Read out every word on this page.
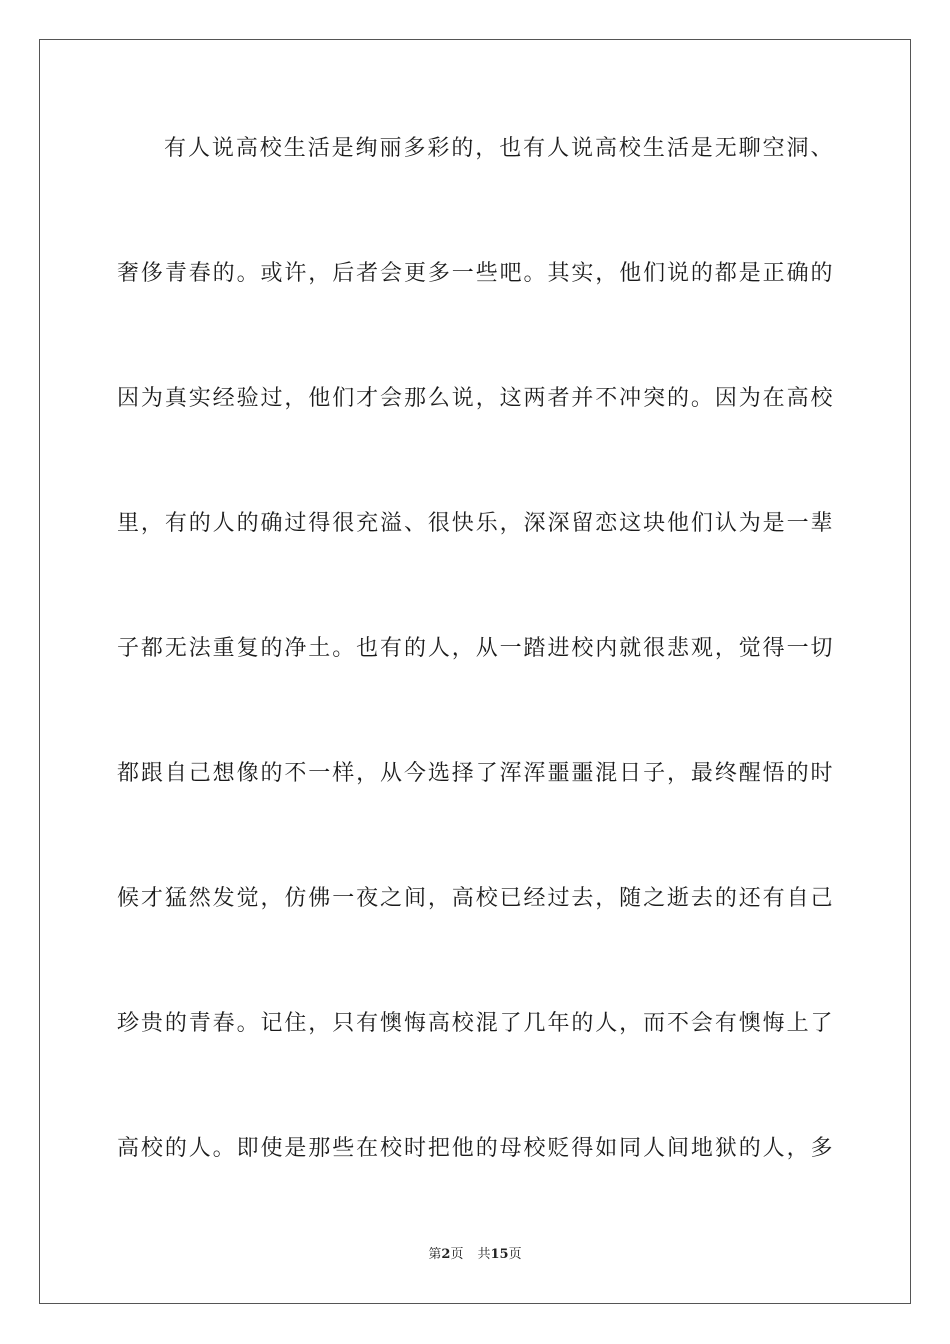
有人说高校生活是绚丽多彩的，也有人说高校生活是无聊空洞、
奢侈青春的。或许，后者会更多一些吧。其实，他们说的都是正确的
因为真实经验过，他们才会那么说，这两者并不冲突的。因为在高校
里，有的人的确过得很充溢、很快乐，深深留恋这块他们认为是一辈
子都无法重复的净土。也有的人，从一踏进校内就很悲观，觉得一切
都跟自己想像的不一样，从今选择了浑浑噩噩混日子，最终醒悟的时
候才猛然发觉，仿佛一夜之间，高校已经过去，随之逝去的还有自己
珍贵的青春。记住，只有懊悔高校混了几年的人，而不会有懊悔上了
高校的人。即使是那些在校时把他的母校贬得如同人间地狱的人，多
第2页 共15页
